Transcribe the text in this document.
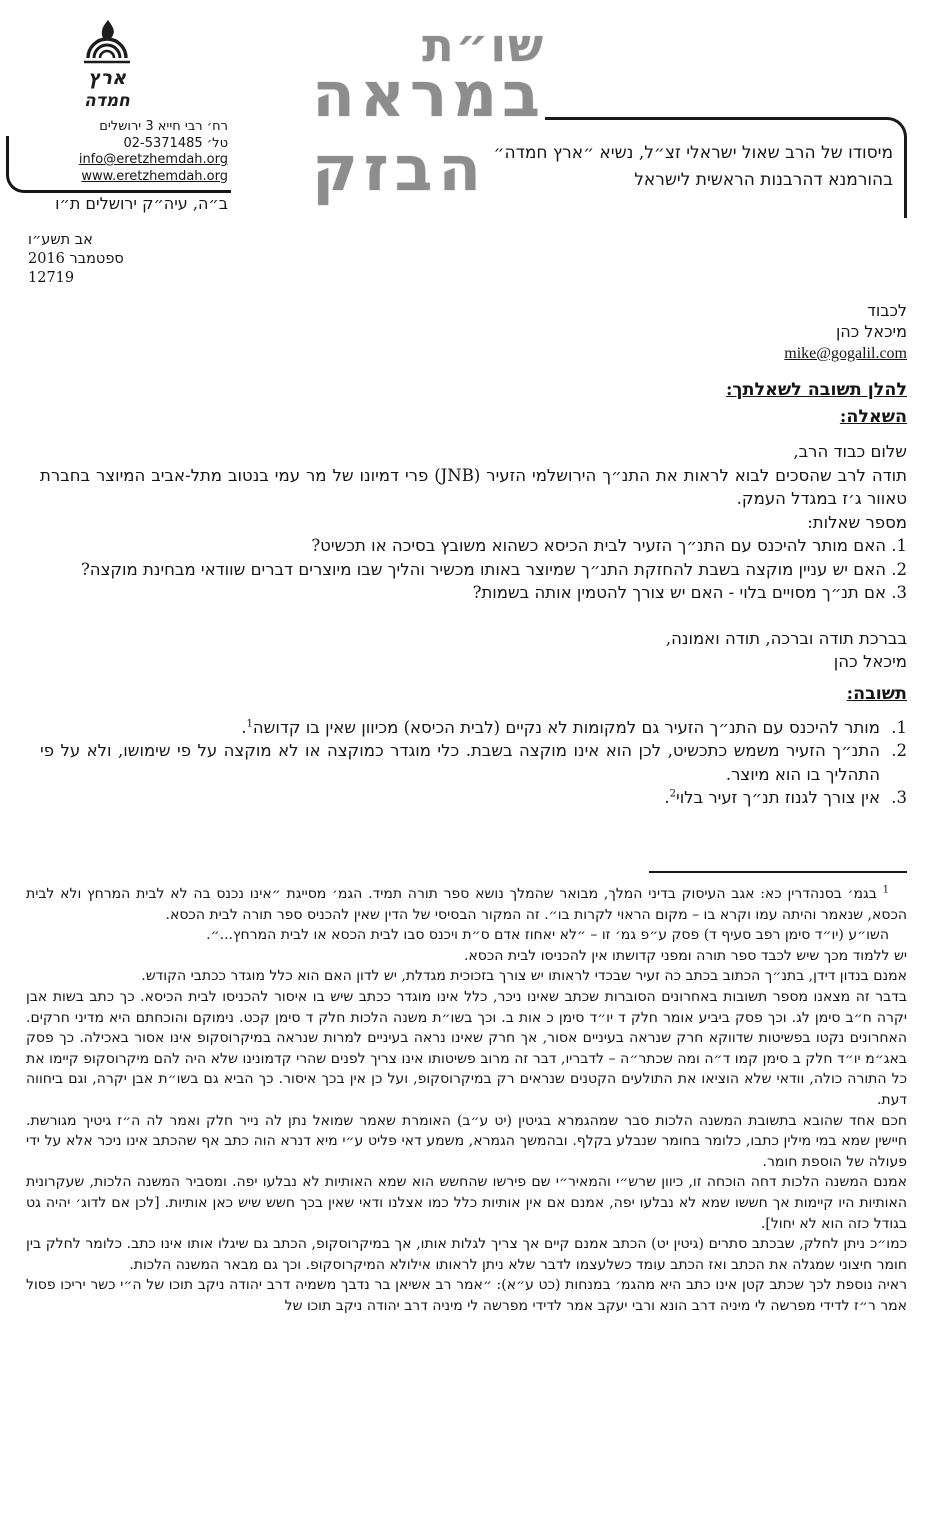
ארץ
חמדה
רח׳ רבי חייא 3 ירושלים
טל׳ 02-5371485
info@eretzhemdah.org
www.eretzhemdah.org
ב״ה, עיה״ק ירושלים ת״ו
אב תשע״ו
ספטמבר 2016
12719
שו״ת
במראה
הבזק מיסודו של הרב שאול ישראלי זצ״ל, נשיא ״ארץ חמדה״
בהורמנא דהרבנות הראשית לישראל
לכבוד
מיכאל כהן
mike@gogalil.com
להלן תשובה לשאלתך:
השאלה:

שלום כבוד הרב,

תודה לרב שהסכים לבוא לראות את התנ״ך הירושלמי הזעיר (JNB) פרי דמיונו של מר עמי בנטוב מתל-אביב המיוצר בחברת טאוור ג׳ז במגדל העמק.

מספר שאלות:

1. האם מותר להיכנס עם התנ״ך הזעיר לבית הכיסא כשהוא משובץ בסיכה או תכשיט?

2. האם יש עניין מוקצה בשבת להחזקת התנ״ך שמיוצר באותו מכשיר והליך שבו מיוצרים דברים שוודאי מבחינת מוקצה?

3. אם תנ״ך מסויים בלוי - האם יש צורך להטמין אותה בשמות?

בברכת תודה וברכה, תודה ואמונה,

מיכאל כהן

תשובה:
1.
מותר להיכנס עם התנ״ך הזעיר גם למקומות לא נקיים (לבית הכיסא) מכיוון שאין בו קדושה$^1$.
2.
התנ״ך הזעיר משמש כתכשיט, לכן הוא אינו מוקצה בשבת. כלי מוגדר כמוקצה או לא מוקצה על פי שימושו, ולא על פי התהליך בו הוא מיוצר.
3.
אין צורך לגנוז תנ״ך זעיר בלוי$^2$.

$^1$ בגמ׳ בסנהדרין כא: אגב העיסוק בדיני המלך, מבואר שהמלך נושא ספר תורה תמיד. הגמ׳ מסייגת ״אינו נכנס בה לא לבית המרחץ ולא לבית הכסא, שנאמר והיתה עמו וקרא בו – מקום הראוי לקרות בו״. זה המקור הבסיסי של הדין שאין להכניס ספר תורה לבית הכסא.

השו״ע (יו״ד סימן רפב סעיף ד) פסק ע״פ גמ׳ זו – ״לא יאחוז אדם ס״ת ויכנס סבו לבית הכסא או לבית המרחץ...״.

יש ללמוד מכך שיש לכבד ספר תורה ומפני קדושתו אין להכניסו לבית הכסא.

אמנם בנדון דידן, בתנ״ך הכתוב בכתב כה זעיר שבכדי לראותו יש צורך בזכוכית מגדלת, יש לדון האם הוא כלל מוגדר ככתבי הקודש.

בדבר זה מצאנו מספר תשובות באחרונים הסוברות שכתב שאינו ניכר, כלל אינו מוגדר ככתב שיש בו איסור להכניסו לבית הכיסא. כך כתב בשות אבן יקרה ח״ב סימן לג. וכך פסק ביביע אומר חלק ד יו״ד סימן כ אות ב. וכך בשו״ת משנה הלכות חלק ד סימן קכט. נימוקם והוכחתם היא מדיני חרקים. האחרונים נקטו בפשיטות שדווקא חרק שנראה בעיניים אסור, אך חרק שאינו נראה בעיניים למרות שנראה במיקרוסקופ אינו אסור באכילה. כך פסק באג״מ יו״ד חלק ב סימן קמו ד״ה ומה שכתר״ה – לדבריו, דבר זה מרוב פשיטותו אינו צריך לפנים שהרי קדמונינו שלא היה להם מיקרוסקופ קיימו את כל התורה כולה, וודאי שלא הוציאו את התולעים הקטנים שנראים רק במיקרוסקופ, ועל כן אין בכך איסור. כך הביא גם בשו״ת אבן יקרה, וגם ביחווה דעת.

חכם אחד שהובא בתשובת המשנה הלכות סבר שמהגמרא בגיטין (יט ע״ב) האומרת שאמר שמואל נתן לה נייר חלק ואמר לה ה״ז גיטיך מגורשת. חיישין שמא במי מילין כתבו, כלומר בחומר שנבלע בקלף. ובהמשך הגמרא, משמע דאי פליט ע״י מיא דנרא הוה כתב אף שהכתב אינו ניכר אלא על ידי פעולה של הוספת חומר.

אמנם המשנה הלכות דחה הוכחה זו, כיוון שרש״י והמאיר״י שם פירשו שהחשש הוא שמא האותיות לא נבלעו יפה. ומסביר המשנה הלכות, שעקרונית האותיות היו קיימות אך חששו שמא לא נבלעו יפה, אמנם אם אין אותיות כלל כמו אצלנו ודאי שאין בכך חשש שיש כאן אותיות. [לכן אם לדוג׳ יהיה גט בגודל כזה הוא לא יחול].

כמו״כ ניתן לחלק, שבכתב סתרים (גיטין יט) הכתב אמנם קיים אך צריך לגלות אותו, אך במיקרוסקופ, הכתב גם שיגלו אותו אינו כתב. כלומר לחלק בין חומר חיצוני שמגלה את הכתב ואז הכתב עומד כשלעצמו לדבר שלא ניתן לראותו אילולא המיקרוסקופ. וכך גם מבאר המשנה הלכות.

ראיה נוספת לכך שכתב קטן אינו כתב היא מהגמ׳ במנחות (כט ע״א): ״אמר רב אשיאן בר נדבך משמיה דרב יהודה ניקב תוכו של ה״י כשר יריכו פסול אמר ר״ז לדידי מפרשה לי מיניה דרב הונא ורבי יעקב אמר לדידי מפרשה לי מיניה דרב יהודה ניקב תוכו של
